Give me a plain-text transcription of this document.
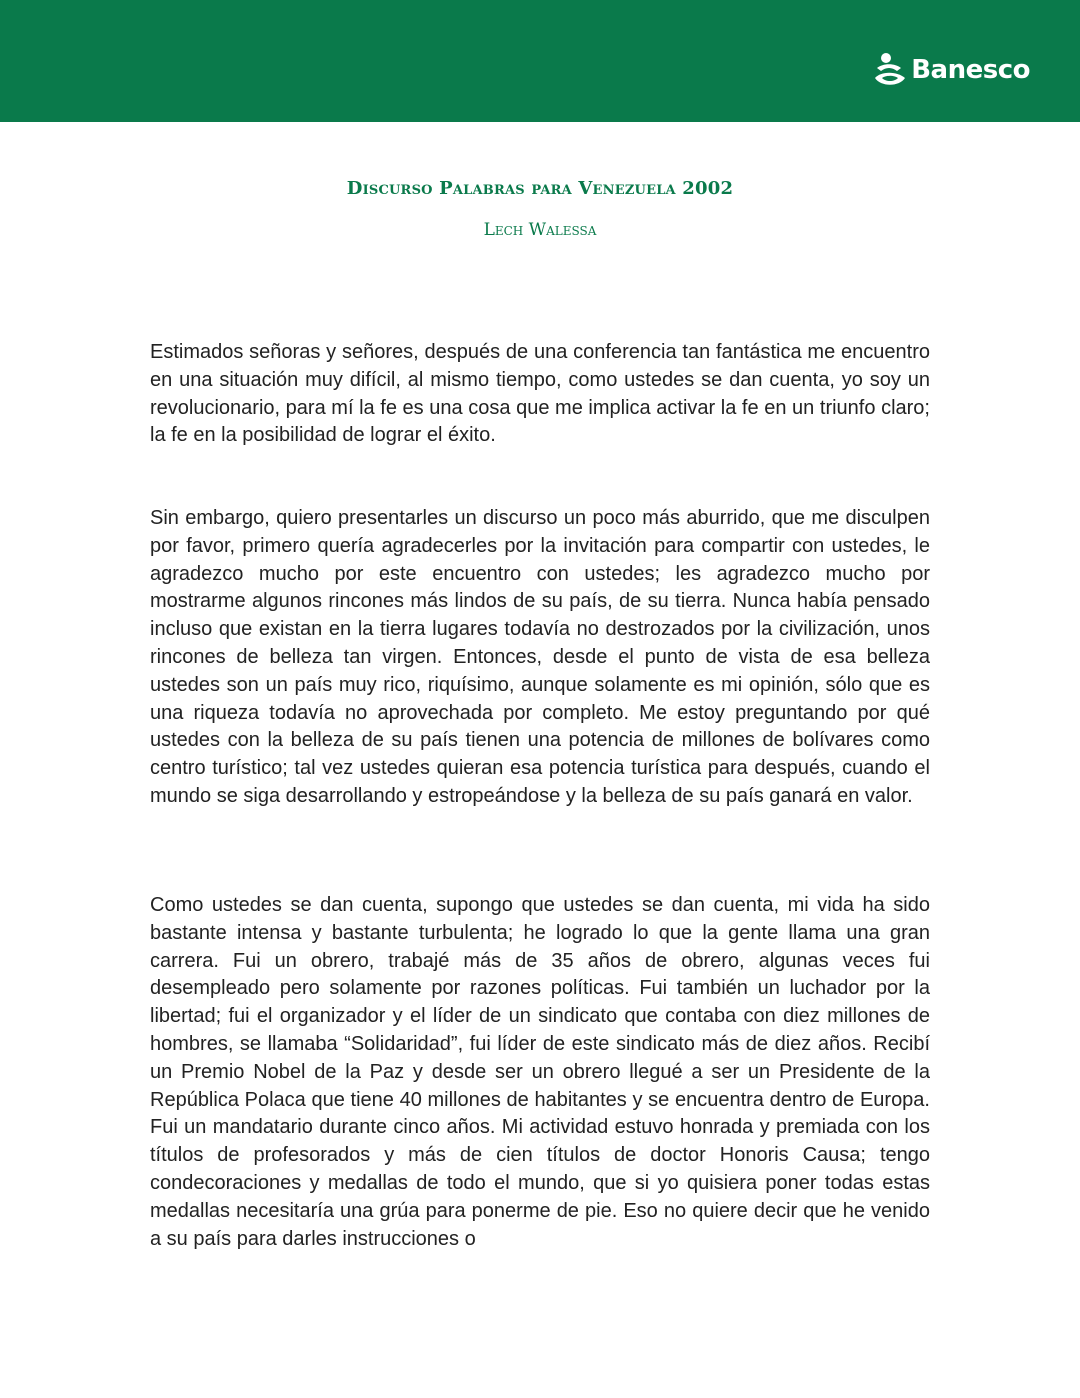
Banesco
Discurso Palabras para Venezuela 2002

Lech Walessa

Estimados señoras y señores, después de una conferencia tan fantástica me encuentro en una situación muy difícil, al mismo tiempo, como ustedes se dan cuenta, yo soy un revolucionario, para mí la fe es una cosa que me implica activar la fe en un triunfo claro; la fe en la posibilidad de lograr el éxito.

Sin embargo, quiero presentarles un discurso un poco más aburrido, que me disculpen por favor, primero quería agradecerles por la invitación para compartir con ustedes, le agradezco mucho por este encuentro con ustedes; les agradezco mucho por mostrarme algunos rincones más lindos de su país, de su tierra. Nunca había pensado incluso que existan en la tierra lugares todavía no destrozados por la civilización, unos rincones de belleza tan virgen. Entonces, desde el punto de vista de esa belleza ustedes son un país muy rico, riquísimo, aunque solamente es mi opinión, sólo que es una riqueza todavía no aprovechada por completo. Me estoy preguntando por qué ustedes con la belleza de su país tienen una potencia de millones de bolívares como centro turístico; tal vez ustedes quieran esa potencia turística para después, cuando el mundo se siga desarrollando y estropeándose y la belleza de su país ganará en valor.

Como ustedes se dan cuenta, supongo que ustedes se dan cuenta, mi vida ha sido bastante intensa y bastante turbulenta; he logrado lo que la gente llama una gran carrera. Fui un obrero, trabajé más de 35 años de obrero, algunas veces fui desempleado pero solamente por razones políticas. Fui también un luchador por la libertad; fui el organizador y el líder de un sindicato que contaba con diez millones de hombres, se llamaba “Solidaridad”, fui líder de este sindicato más de diez años. Recibí un Premio Nobel de la Paz y desde ser un obrero llegué a ser un Presidente de la República Polaca que tiene 40 millones de habitantes y se encuentra dentro de Europa. Fui un mandatario durante cinco años. Mi actividad estuvo honrada y premiada con los títulos de profesorados y más de cien títulos de doctor Honoris Causa; tengo condecoraciones y medallas de todo el mundo, que si yo quisiera poner todas estas medallas necesitaría una grúa para ponerme de pie. Eso no quiere decir que he venido a su país para darles instrucciones o
